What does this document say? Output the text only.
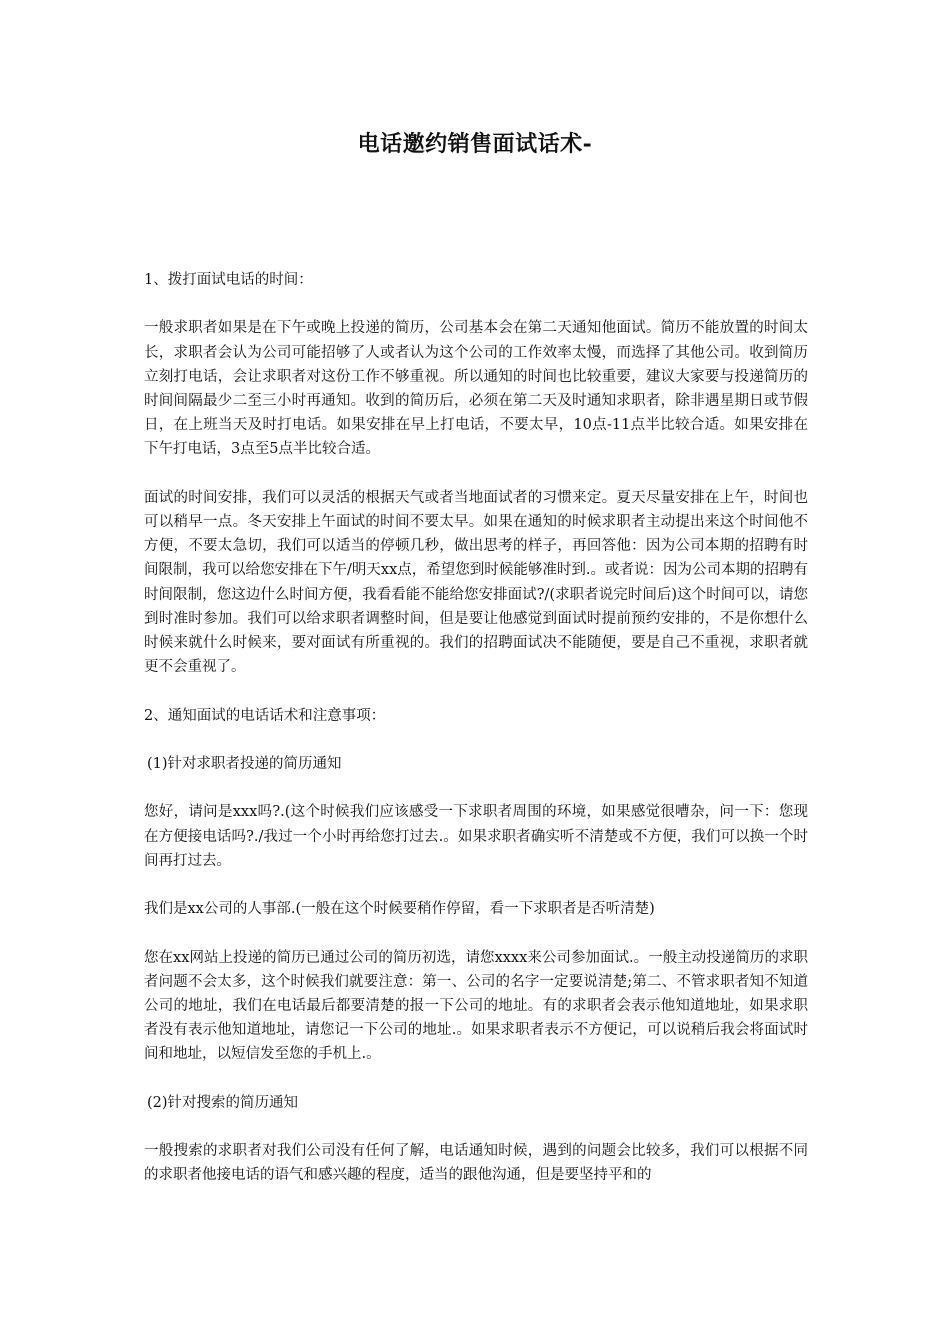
电话邀约销售面试话术-

1、拨打面试电话的时间：

一般求职者如果是在下午或晚上投递的简历，公司基本会在第二天通知他面试。简历不能放置的时间太长，求职者会认为公司可能招够了人或者认为这个公司的工作效率太慢，而选择了其他公司。收到简历立刻打电话，会让求职者对这份工作不够重视。所以通知的时间也比较重要，建议大家要与投递简历的时间间隔最少二至三小时再通知。收到的简历后，必须在第二天及时通知求职者，除非遇星期日或节假日，在上班当天及时打电话。如果安排在早上打电话，不要太早，10点-11点半比较合适。如果安排在下午打电话，3点至5点半比较合适。

面试的时间安排，我们可以灵活的根据天气或者当地面试者的习惯来定。夏天尽量安排在上午，时间也可以稍早一点。冬天安排上午面试的时间不要太早。如果在通知的时候求职者主动提出来这个时间他不方便，不要太急切，我们可以适当的停顿几秒，做出思考的样子，再回答他：因为公司本期的招聘有时间限制，我可以给您安排在下午/明天xx点，希望您到时候能够准时到.。或者说：因为公司本期的招聘有时间限制，您这边什么时间方便，我看看能不能给您安排面试?/(求职者说完时间后)这个时间可以，请您到时准时参加。我们可以给求职者调整时间，但是要让他感觉到面试时提前预约安排的，不是你想什么时候来就什么时候来，要对面试有所重视的。我们的招聘面试决不能随便，要是自己不重视，求职者就更不会重视了。

2、通知面试的电话话术和注意事项：

(1)针对求职者投递的简历通知

您好，请问是xxx吗?.(这个时候我们应该感受一下求职者周围的环境，如果感觉很嘈杂，问一下：您现在方便接电话吗?./我过一个小时再给您打过去.。如果求职者确实听不清楚或不方便，我们可以换一个时间再打过去。

我们是xx公司的人事部.(一般在这个时候要稍作停留，看一下求职者是否听清楚)

您在xx网站上投递的简历已通过公司的简历初选，请您xxxx来公司参加面试.。一般主动投递简历的求职者问题不会太多，这个时候我们就要注意：第一、公司的名字一定要说清楚;第二、不管求职者知不知道公司的地址，我们在电话最后都要清楚的报一下公司的地址。有的求职者会表示他知道地址，如果求职者没有表示他知道地址，请您记一下公司的地址.。如果求职者表示不方便记，可以说稍后我会将面试时间和地址，以短信发至您的手机上.。

(2)针对搜索的简历通知

一般搜索的求职者对我们公司没有任何了解，电话通知时候，遇到的问题会比较多，我们可以根据不同的求职者他接电话的语气和感兴趣的程度，适当的跟他沟通，但是要坚持平和的
